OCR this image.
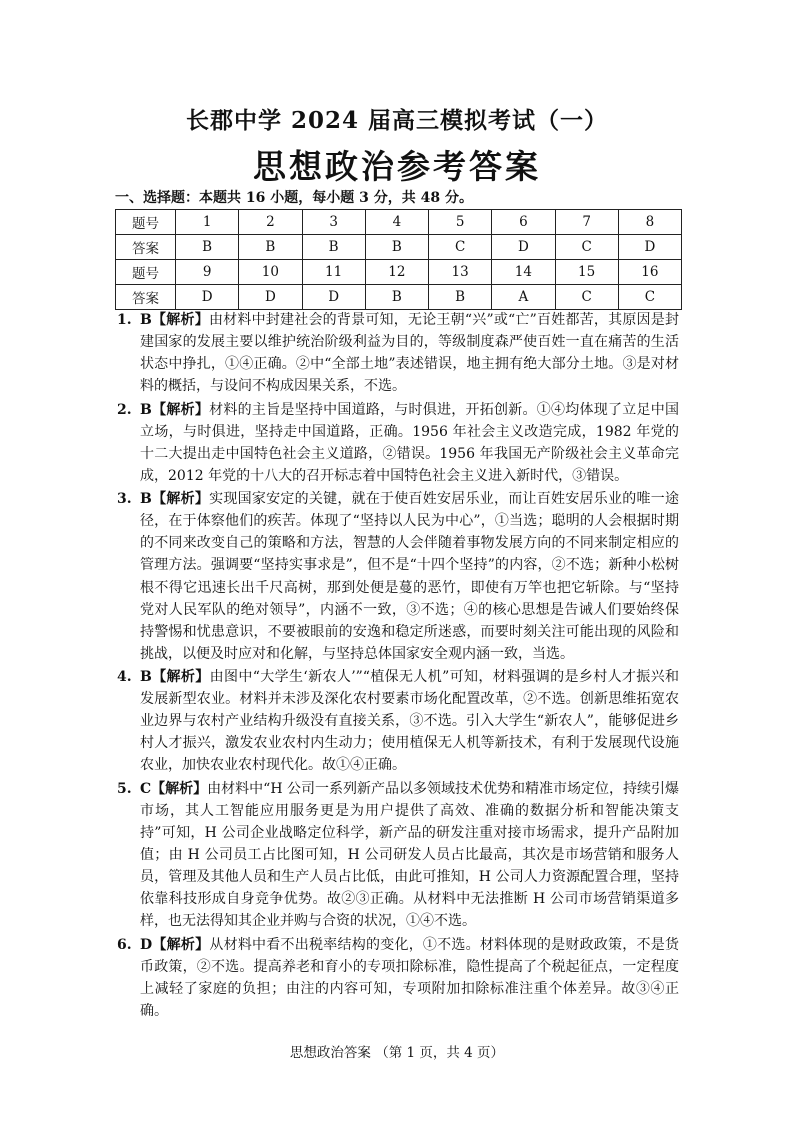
长郡中学 2024 届高三模拟考试（一）
思想政治参考答案
一、选择题：本题共 16 小题，每小题 3 分，共 48 分。
题号	1	2	3	4	5	6	7	8
答案	B	B	B	B	C	D	C	D
题号	9	10	11	12	13	14	15	16
答案	D	D	D	B	B	A	C	C
1. B【解析】由材料中封建社会的背景可知，无论王朝“兴”或“亡”百姓都苦，其原因是封建国家的发展主要以维护统治阶级利益为目的，等级制度森严使百姓一直在痛苦的生活状态中挣扎，①④正确。②中“全部土地”表述错误，地主拥有绝大部分土地。③是对材料的概括，与设问不构成因果关系，不选。
2. B【解析】材料的主旨是坚持中国道路，与时俱进，开拓创新。①④均体现了立足中国立场，与时俱进，坚持走中国道路，正确。1956 年社会主义改造完成，1982 年党的十二大提出走中国特色社会主义道路，②错误。1956 年我国无产阶级社会主义革命完成，2012 年党的十八大的召开标志着中国特色社会主义进入新时代，③错误。
3. B【解析】实现国家安定的关键，就在于使百姓安居乐业，而让百姓安居乐业的唯一途径，在于体察他们的疾苦。体现了“坚持以人民为中心”，①当选；聪明的人会根据时期的不同来改变自己的策略和方法，智慧的人会伴随着事物发展方向的不同来制定相应的管理方法。强调要“坚持实事求是”，但不是“十四个坚持”的内容，②不选；新种小松树根不得它迅速长出千尺高树，那到处便是蔓的恶竹，即使有万竿也把它斩除。与“坚持党对人民军队的绝对领导”，内涵不一致，③不选；④的核心思想是告诫人们要始终保持警惕和忧患意识，不要被眼前的安逸和稳定所迷惑，而要时刻关注可能出现的风险和挑战，以便及时应对和化解，与坚持总体国家安全观内涵一致，当选。
4. B【解析】由图中“大学生‘新农人’”“植保无人机”可知，材料强调的是乡村人才振兴和发展新型农业。材料并未涉及深化农村要素市场化配置改革，②不选。创新思维拓宽农业边界与农村产业结构升级没有直接关系，③不选。引入大学生“新农人”，能够促进乡村人才振兴，激发农业农村内生动力；使用植保无人机等新技术，有利于发展现代设施农业，加快农业农村现代化。故①④正确。
5. C【解析】由材料中“H 公司一系列新产品以多领域技术优势和精准市场定位，持续引爆市场，其人工智能应用服务更是为用户提供了高效、准确的数据分析和智能决策支持”可知，H 公司企业战略定位科学，新产品的研发注重对接市场需求，提升产品附加值；由 H 公司员工占比图可知，H 公司研发人员占比最高，其次是市场营销和服务人员，管理及其他人员和生产人员占比低，由此可推知，H 公司人力资源配置合理，坚持依靠科技形成自身竞争优势。故②③正确。从材料中无法推断 H 公司市场营销渠道多样，也无法得知其企业并购与合资的状况，①④不选。
6. D【解析】从材料中看不出税率结构的变化，①不选。材料体现的是财政政策，不是货币政策，②不选。提高养老和育小的专项扣除标准，隐性提高了个税起征点，一定程度上减轻了家庭的负担；由注的内容可知，专项附加扣除标准注重个体差异。故③④正确。
思想政治答案 （第 1 页，共 4 页）
